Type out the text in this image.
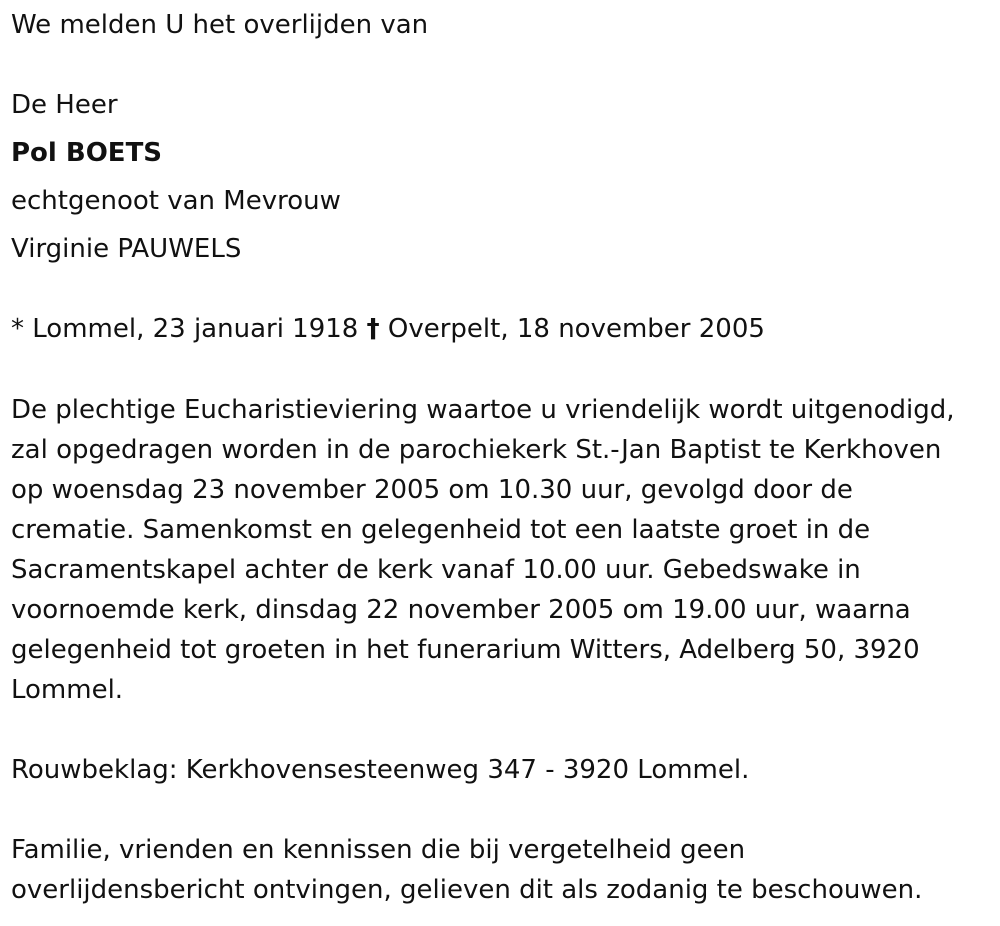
We melden U het overlijden van
De Heer
Pol BOETS
echtgenoot van Mevrouw
Virginie PAUWELS
* Lommel, 23 januari 1918 † Overpelt, 18 november 2005
De plechtige Eucharistieviering waartoe u vriendelijk wordt uitgenodigd,
zal opgedragen worden in de parochiekerk St.-Jan Baptist te Kerkhoven
op woensdag 23 november 2005 om 10.30 uur, gevolgd door de
crematie. Samenkomst en gelegenheid tot een laatste groet in de
Sacramentskapel achter de kerk vanaf 10.00 uur. Gebedswake in
voornoemde kerk, dinsdag 22 november 2005 om 19.00 uur, waarna
gelegenheid tot groeten in het funerarium Witters, Adelberg 50, 3920
Lommel.
Rouwbeklag: Kerkhovensesteenweg 347 - 3920 Lommel.
Familie, vrienden en kennissen die bij vergetelheid geen
overlijdensbericht ontvingen, gelieven dit als zodanig te beschouwen.
